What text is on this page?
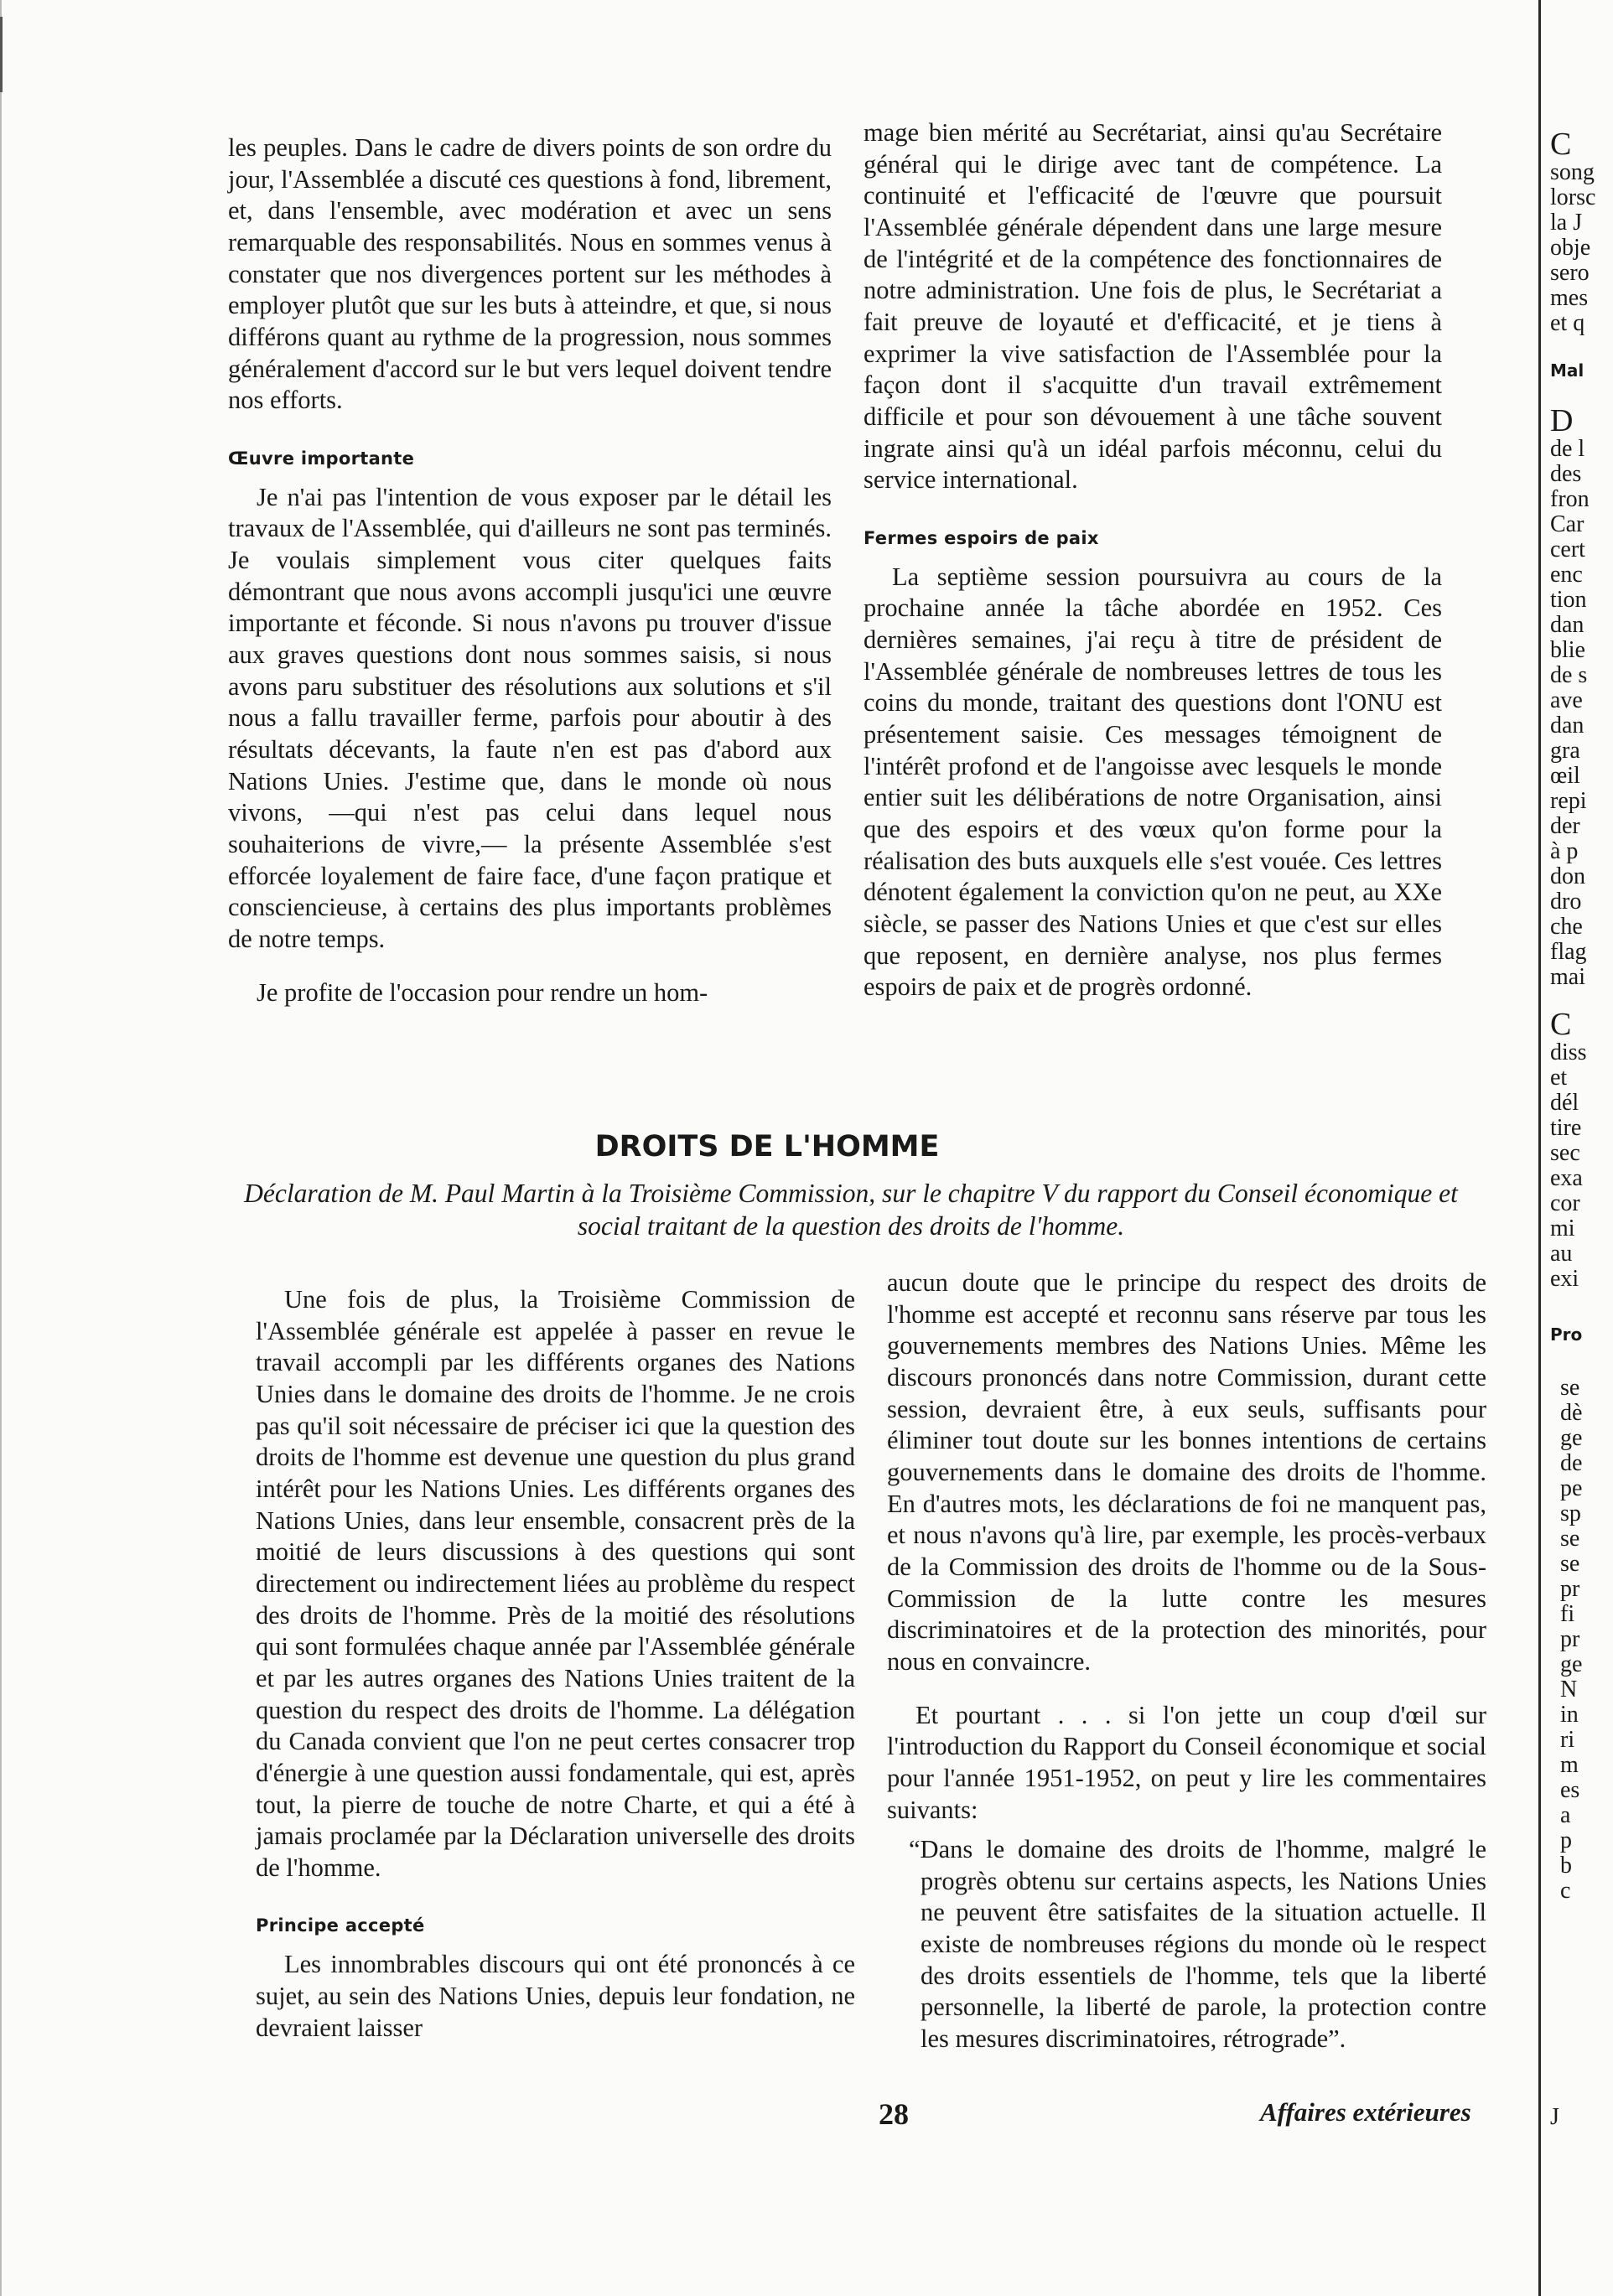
les peuples. Dans le cadre de divers points de son ordre du jour, l'Assemblée a discuté ces questions à fond, librement, et, dans l'ensemble, avec modération et avec un sens remarquable des responsabilités. Nous en sommes venus à constater que nos divergences portent sur les méthodes à employer plutôt que sur les buts à atteindre, et que, si nous différons quant au rythme de la progression, nous sommes généralement d'accord sur le but vers lequel doivent tendre nos efforts.

Œuvre importante

Je n'ai pas l'intention de vous exposer par le détail les travaux de l'Assemblée, qui d'ailleurs ne sont pas terminés. Je voulais simplement vous citer quelques faits démontrant que nous avons accompli jusqu'ici une œuvre importante et féconde. Si nous n'avons pu trouver d'issue aux graves questions dont nous sommes saisis, si nous avons paru substituer des résolutions aux solutions et s'il nous a fallu travailler ferme, parfois pour aboutir à des résultats décevants, la faute n'en est pas d'abord aux Nations Unies. J'estime que, dans le monde où nous vivons, —qui n'est pas celui dans lequel nous souhaiterions de vivre,— la présente Assemblée s'est efforcée loyalement de faire face, d'une façon pratique et consciencieuse, à certains des plus importants problèmes de notre temps.

Je profite de l'occasion pour rendre un hom-

mage bien mérité au Secrétariat, ainsi qu'au Secrétaire général qui le dirige avec tant de compétence. La continuité et l'efficacité de l'œuvre que poursuit l'Assemblée générale dépendent dans une large mesure de l'intégrité et de la compétence des fonctionnaires de notre administration. Une fois de plus, le Secrétariat a fait preuve de loyauté et d'efficacité, et je tiens à exprimer la vive satisfaction de l'Assemblée pour la façon dont il s'acquitte d'un travail extrêmement difficile et pour son dévouement à une tâche souvent ingrate ainsi qu'à un idéal parfois méconnu, celui du service international.

Fermes espoirs de paix

La septième session poursuivra au cours de la prochaine année la tâche abordée en 1952. Ces dernières semaines, j'ai reçu à titre de président de l'Assemblée générale de nombreuses lettres de tous les coins du monde, traitant des questions dont l'ONU est présentement saisie. Ces messages témoignent de l'intérêt profond et de l'angoisse avec lesquels le monde entier suit les délibérations de notre Organisation, ainsi que des espoirs et des vœux qu'on forme pour la réalisation des buts auxquels elle s'est vouée. Ces lettres dénotent également la conviction qu'on ne peut, au XXe siècle, se passer des Nations Unies et que c'est sur elles que reposent, en dernière analyse, nos plus fermes espoirs de paix et de progrès ordonné.

DROITS DE L'HOMME
Déclaration de M. Paul Martin à la Troisième Commission, sur le chapitre V du rapport du Conseil économique et social traitant de la question des droits de l'homme.

Une fois de plus, la Troisième Commission de l'Assemblée générale est appelée à passer en revue le travail accompli par les différents organes des Nations Unies dans le domaine des droits de l'homme. Je ne crois pas qu'il soit nécessaire de préciser ici que la question des droits de l'homme est devenue une question du plus grand intérêt pour les Nations Unies. Les différents organes des Nations Unies, dans leur ensemble, consacrent près de la moitié de leurs discussions à des questions qui sont directement ou indirectement liées au problème du respect des droits de l'homme. Près de la moitié des résolutions qui sont formulées chaque année par l'Assemblée générale et par les autres organes des Nations Unies traitent de la question du respect des droits de l'homme. La délégation du Canada convient que l'on ne peut certes consacrer trop d'énergie à une question aussi fondamentale, qui est, après tout, la pierre de touche de notre Charte, et qui a été à jamais proclamée par la Déclaration universelle des droits de l'homme.

Principe accepté

Les innombrables discours qui ont été prononcés à ce sujet, au sein des Nations Unies, depuis leur fondation, ne devraient laisser

aucun doute que le principe du respect des droits de l'homme est accepté et reconnu sans réserve par tous les gouvernements membres des Nations Unies. Même les discours prononcés dans notre Commission, durant cette session, devraient être, à eux seuls, suffisants pour éliminer tout doute sur les bonnes intentions de certains gouvernements dans le domaine des droits de l'homme. En d'autres mots, les déclarations de foi ne manquent pas, et nous n'avons qu'à lire, par exemple, les procès-verbaux de la Commission des droits de l'homme ou de la Sous-Commission de la lutte contre les mesures discriminatoires et de la protection des minorités, pour nous en convaincre.

Et pourtant . . . si l'on jette un coup d'œil sur l'introduction du Rapport du Conseil économique et social pour l'année 1951-1952, on peut y lire les commentaires suivants:

“Dans le domaine des droits de l'homme, malgré le progrès obtenu sur certains aspects, les Nations Unies ne peuvent être satisfaites de la situation actuelle. Il existe de nombreuses régions du monde où le respect des droits essentiels de l'homme, tels que la liberté personnelle, la liberté de parole, la protection contre les mesures discriminatoires, rétrograde”.

28	Affaires extérieures
C
song
lorsc
la J
obje
sero
mes
et q
Mal
D
de l
des
fron
Car
cert
enc
tion
dan
blie
de s
ave
dan
gra
œil
repi
der
à p
don
dro
che
flag
mai
C
diss
et
dél
tire
sec
exa
cor
mi
au
exi
Pro
se
dè
ge
de
pe
sp
se
se
pr
fi
pr
ge
N
in
ri
m
es
a
p
b
c
J
